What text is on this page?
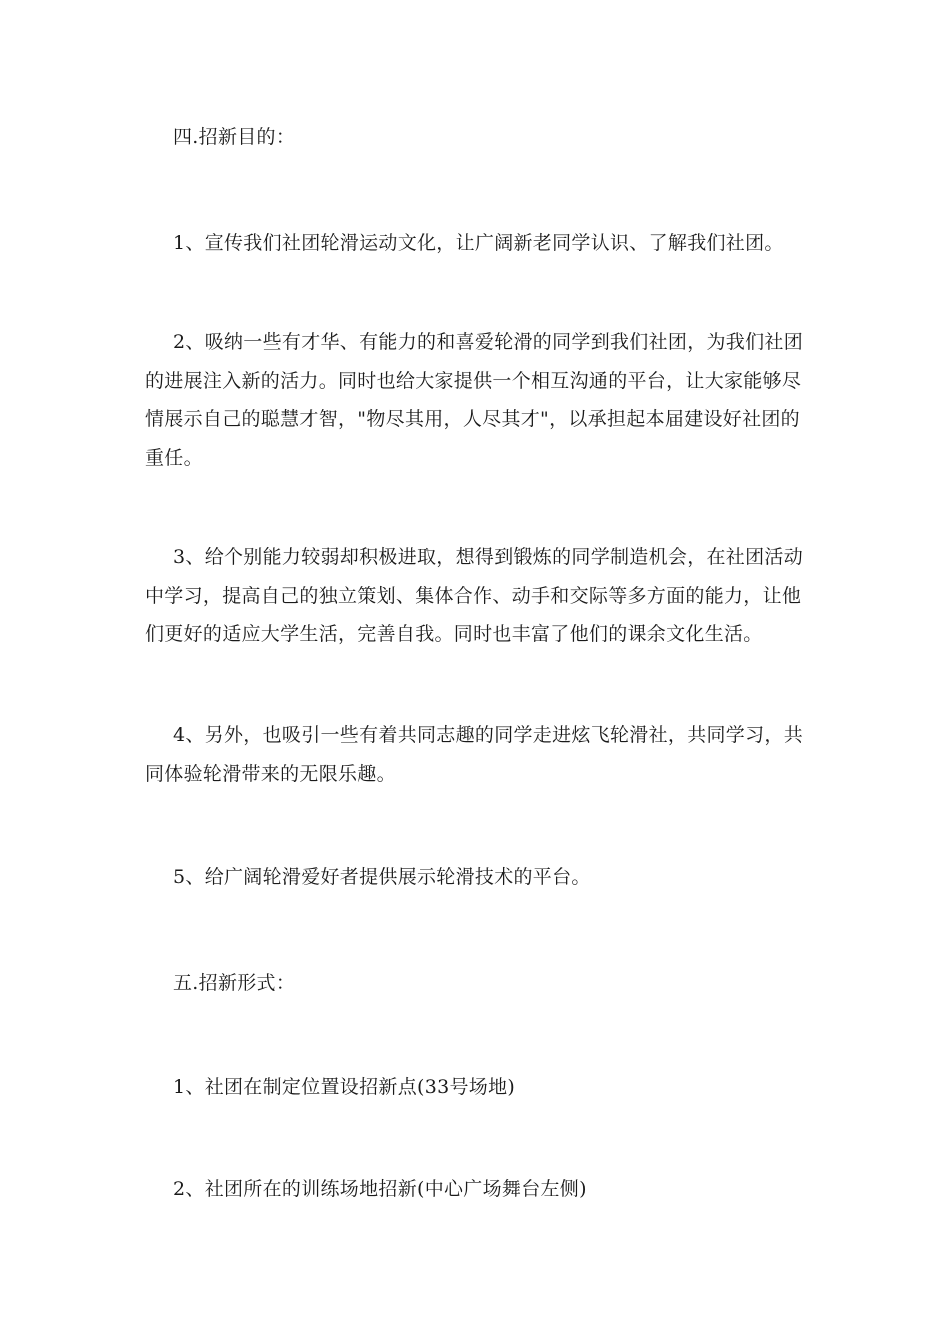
四.招新目的：

1、宣传我们社团轮滑运动文化，让广阔新老同学认识、了解我们社团。

2、吸纳一些有才华、有能力的和喜爱轮滑的同学到我们社团，为我们社团的进展注入新的活力。同时也给大家提供一个相互沟通的平台，让大家能够尽情展示自己的聪慧才智，"物尽其用，人尽其才"，以承担起本届建设好社团的重任。

3、给个别能力较弱却积极进取，想得到锻炼的同学制造机会，在社团活动中学习，提高自己的独立策划、集体合作、动手和交际等多方面的能力，让他们更好的适应大学生活，完善自我。同时也丰富了他们的课余文化生活。

4、另外，也吸引一些有着共同志趣的同学走进炫飞轮滑社，共同学习，共同体验轮滑带来的无限乐趣。

5、给广阔轮滑爱好者提供展示轮滑技术的平台。

五.招新形式：

1、社团在制定位置设招新点(33号场地)

2、社团所在的训练场地招新(中心广场舞台左侧)
